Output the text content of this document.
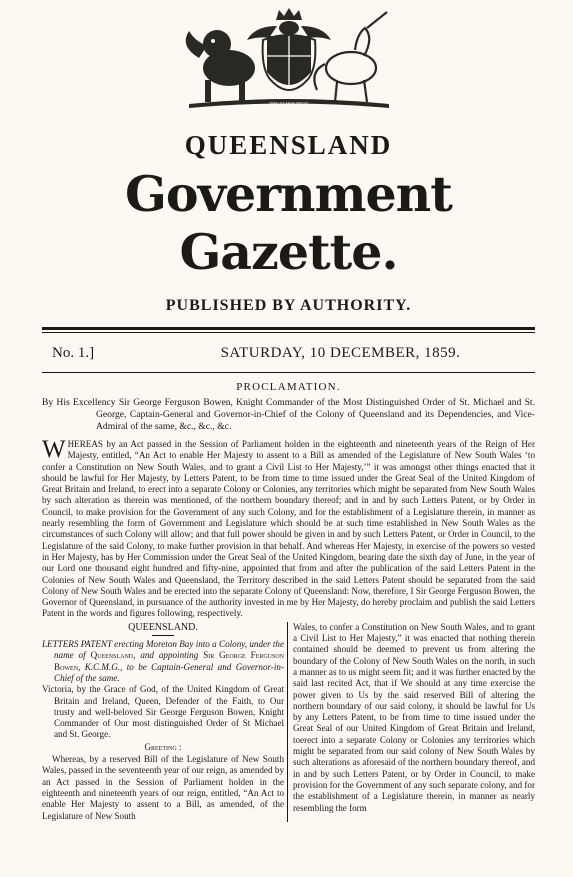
DIEU ET MON DROIT
QUEENSLAND
Government Gazette.
PUBLISHED BY AUTHORITY.
No. 1.]	SATURDAY, 10 DECEMBER, 1859.
PROCLAMATION.
By His Excellency Sir George Ferguson Bowen, Knight Commander of the Most Distinguished Order of St. Michael and St. George, Captain-General and Governor-in-Chief of the Colony of Queensland and its Dependencies, and Vice-Admiral of the same, &c., &c., &c.
WHEREAS by an Act passed in the Session of Parliament holden in the eighteenth and nineteenth years of the Reign of Her Majesty, entitled, “An Act to enable Her Majesty to assent to a Bill as amended of the Legislature of New South Wales ‘to confer a Constitution on New South Wales, and to grant a Civil List to Her Majesty,’” it was amongst other things enacted that it should be lawful for Her Majesty, by Letters Patent, to be from time to time issued under the Great Seal of the United Kingdom of Great Britain and Ireland, to erect into a separate Colony or Colonies, any territories which might be separated from New South Wales by such alteration as therein was mentioned, of the northern boundary thereof; and in and by such Letters Patent, or by Order in Council, to make provision for the Government of any such Colony, and for the establishment of a Legislature therein, in manner as nearly resembling the form of Government and Legislature which should be at such time established in New South Wales as the circumstances of such Colony will allow; and that full power should be given in and by such Letters Patent, or Order in Council, to the Legislature of the said Colony, to make further provision in that behalf. And whereas Her Majesty, in exercise of the powers so vested in Her Majesty, has by Her Commission under the Great Seal of the United Kingdom, bearing date the sixth day of June, in the year of our Lord one thousand eight hundred and fifty-nine, appointed that from and after the publication of the said Letters Patent in the Colonies of New South Wales and Queensland, the Territory described in the said Letters Patent should be separated from the said Colony of New South Wales and be erected into the separate Colony of Queensland: Now, therefore, I Sir George Ferguson Bowen, the Governor of Queensland, in pursuance of the authority invested in me by Her Majesty, do hereby proclaim and publish the said Letters Patent in the words and figures following, respectively.
QUEENSLAND.
LETTERS PATENT erecting Moreton Bay into a Colony, under the name of Queensland, and appointing Sir George Ferguson Bowen, K.C.M.G., to be Captain-General and Governor-in-Chief of the same.
Victoria, by the Grace of God, of the United Kingdom of Great Britain and Ireland, Queen, Defender of the Faith, to Our trusty and well-beloved Sir George Ferguson Bowen, Knight Commander of Our most distinguished Order of St Michael and St. George.
Greeting :
Whereas, by a reserved Bill of the Legislature of New South Wales, passed in the seventeenth year of our reign, as amended by an Act passed in the Session of Parliament holden in the eighteenth and nineteenth years of our reign, entitled, “An Act to enable Her Majesty to assent to a Bill, as amended, of the Legislature of New South
Wales, to confer a Constitution on New South Wales, and to grant a Civil List to Her Majesty,” it was enacted that nothing therein contained should be deemed to prevent us from altering the boundary of the Colony of New South Wales on the north, in such a manner as to us might seem fit; and it was further enacted by the said last recited Act, that if We should at any time exercise the power given to Us by the said reserved Bill of altering the northern boundary of our said colony, it should be lawful for Us by any Letters Patent, to be from time to time issued under the Great Seal of our United Kingdom of Great Britain and Ireland, toerect into a separate Colony or Colonies any territories which might be separated from our said colony of New South Wales by such alterations as aforesaid of the northern boundary thereof, and in and by such Letters Patent, or by Order in Council, to make provision for the Government of any such separate colony, and for the establishment of a Legislature therein, in manner as nearly resembling the form
